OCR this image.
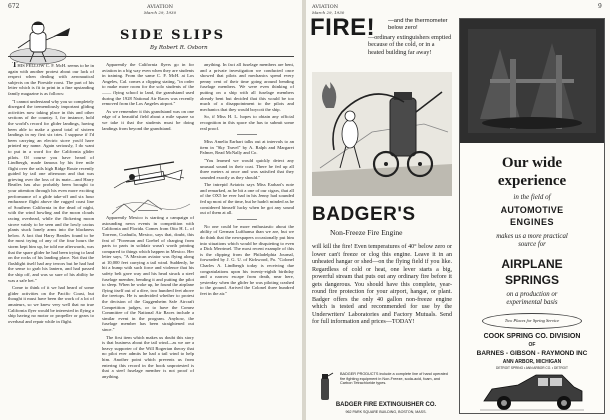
672	AVIATION
March 29, 1930
SIDE SLIPS
By Robert R. Osborn

THIS FELLOW C. F. McH. seems to be in again with another protest about our lack of respect when dealing with aeronautical subjects on the Fireside roost. The part of his letter which is fit to print in a fine upstanding family magazine is as follows:

"I cannot understand why you so completely disregard the tremendously important gliding activities now taking place in this and other sections of the country. I, for instance, hold the world's record for glider landings, having been able to make a grand total of sixteen landings in my first six tries. I suppose if I'd been carrying an electric stove you'd have printed my name. Again seriously, I do want to put in a word for the California glider pilots. Of course you have heard of Lindbergh, made famous by his free mile flight over the rails high Ridge Route recently guided by tail one afternoon and that was grieving over the loss of its mate—and Harry Beatles has also probably been brought to your attention through his even more exciting performance of a glide take-off and six hour endurance flight above the rugged coast line of Southern California in the dead of night, with the wind howling and the moon clouds racing overhead, while the flickering moon strove vainly to be seen and the lowly cactus plants stuck lonely arms into the blackness below. A fact that Harry Beatles found to be the most trying of any of the four hours the storm kept him up, he told me afterwards, was that the spare glider he had been trying to land on the rocks of his landing place. Not that the flashlight itself had any terrors but he had had the sense to grab his lantern, and had passed the ship off, and was so sure of his ability he was a safe bet."

Come to think of it we had heard of some glider activities on the Pacific Coast, but thought it must have been the work of a lot of amateurs, so we knew very well that no true California flyer would be interested in flying a ship having no motor or propeller or gears to overhaul and repair while in flight.

Apparently the California flyers go in for aviation in a big way even when they are students in training. From the same C. F. McH. at Los Angeles, Cal. comes a clipping stating, "in order to make more room for the solo students of the —— flying school to land, the grandstand used during the 1928 National Air Races was recently removed from the Los Angeles airport."

As we remember it this grandstand was on one edge of a beautiful field about a mile square so we take it that the students must be doing landings from beyond the grandstand.

Apparently Mexico is starting a campaign of astounding news events in competition with California and Florida. Comes from Otto H. L. of Torreon, Coahuila, Mexico, says that, doubt, this feat of "Foreman and Goebel of charging from parts to parts in solidair wasn't worth printing compared to things which happen in Mexico. Her letter says, "A Mexican aviator was flying along at 10,000 feet carrying a tail wind. Suddenly, he hit a bump with such force and violence that his safety belt gave way and his head struck a steel fuselage member, bending it and putting the pilot to sleep. When he woke up, he found the airplane flying itself out of a dive, two hundred feet above the treetops. He is undecided whether to protest the decision of the Guggenheim Safe Aircraft Competition judges, or to have the Comez Committee of the National Air Races include a similar event in the program. Anyhow, the fuselage member has been straightened out since."

The first item which makes us doubt this story is that business about the tail wind—as we are a heavy supporter of the Will Rogerian theory that no pilot ever admits he had a tail wind to help him. Another point which prevents us from entering this record in the book unprotested is that a steel fuselage member is not proof of anything.

anything. In fact all fuselage members are bent, and a private investigation we conducted once showed that pilots and mechanics spend every penny cent of their time going around bending fuselage members. We were even thinking of putting on a ship with all fuselage members already bent but decided that this would be too much of a disappointment to the pilots and mechanics that they would boycott the ship.

So, if Miss H. L. hopes to obtain any official recognition in this space she has to submit some real proof.

Miss Amelia Earhart talks out at intervals to an item in "Sky Travel" by A. Ralph and Margaret Palmer, Read McNally and Co.

"You learned we would quickly detect any unusual sound in their coat. There he fed up all three meters at once and was satisfied that they sounded exactly as they should."

The intrepid Aviatrix says Miss Earhart's note and remarked, as he bit a one of our cigars, that all of the OX5 he ever had in his Jenny had sounded fed up most of the time, but he hadn't minded as he considered himself lucky when he got any sound out of them at all.

No one could be more enthusiastic about the ability of German Lufthansa than we are, but we do think that the newspapers occasionally put him into situations which would be disquieting to even a Dick Merrimel. The most recent example of this is the clipping from the Philadelphia Journal, forwarded by J. G. U. of Kirkwood, Pa. "Colonel Charles A. Lindbergh today is receiving due congratulations upon his twenty-eighth birthday and a narrow escape from death, near here, yesterday when the glider he was piloting crashed to the ground. Arrived the Colonel three hundred feet in the air."

AVIATION
March 29, 1930
9
FIRE! —and the thermometer below zero!
—ordinary extinguishers emptied because of the cold, or in a heated building far away!
BADGER'S
Non-Freeze Fire Engine
will kill the fire! Even temperatures of 40° below zero or lower can't freeze or clog this engine. Leave it in an unheated hangar or shed—on the flying field if you like. Regardless of cold or heat, one lever starts a big, powerful stream that puts out any ordinary fire before it gets dangerous. You should have this complete, year-round fire protection for your airport, hangar, or plant. Badger offers the only 40 gallon non-freeze engine which is tested and recommended for use by the Underwriters' Laboratories and Factory Mutuals. Send for full information and prices—TODAY!
BADGER PRODUCTS include a complete line of hand operated fire fighting equipment in Non-Freeze, soda-acid, foam, and Carbon Tetrachloride types.
BADGER FIRE EXTINGUISHER CO.
962 PARK SQUARE BUILDING, BOSTON, MASS.
Our wide
experience
in the field of
AUTOMOTIVE
ENGINES
makes us a more practical source for
AIRPLANE
SPRINGS
on a production or experimental basis
Two Places for Spring Service
COOK SPRING CO. DIVISION
OF
BARNES - GIBSON - RAYMOND INC
ANN ARBOR, MICHIGAN
DETROIT SPRING • ANN ARBOR CO. • DETROIT
